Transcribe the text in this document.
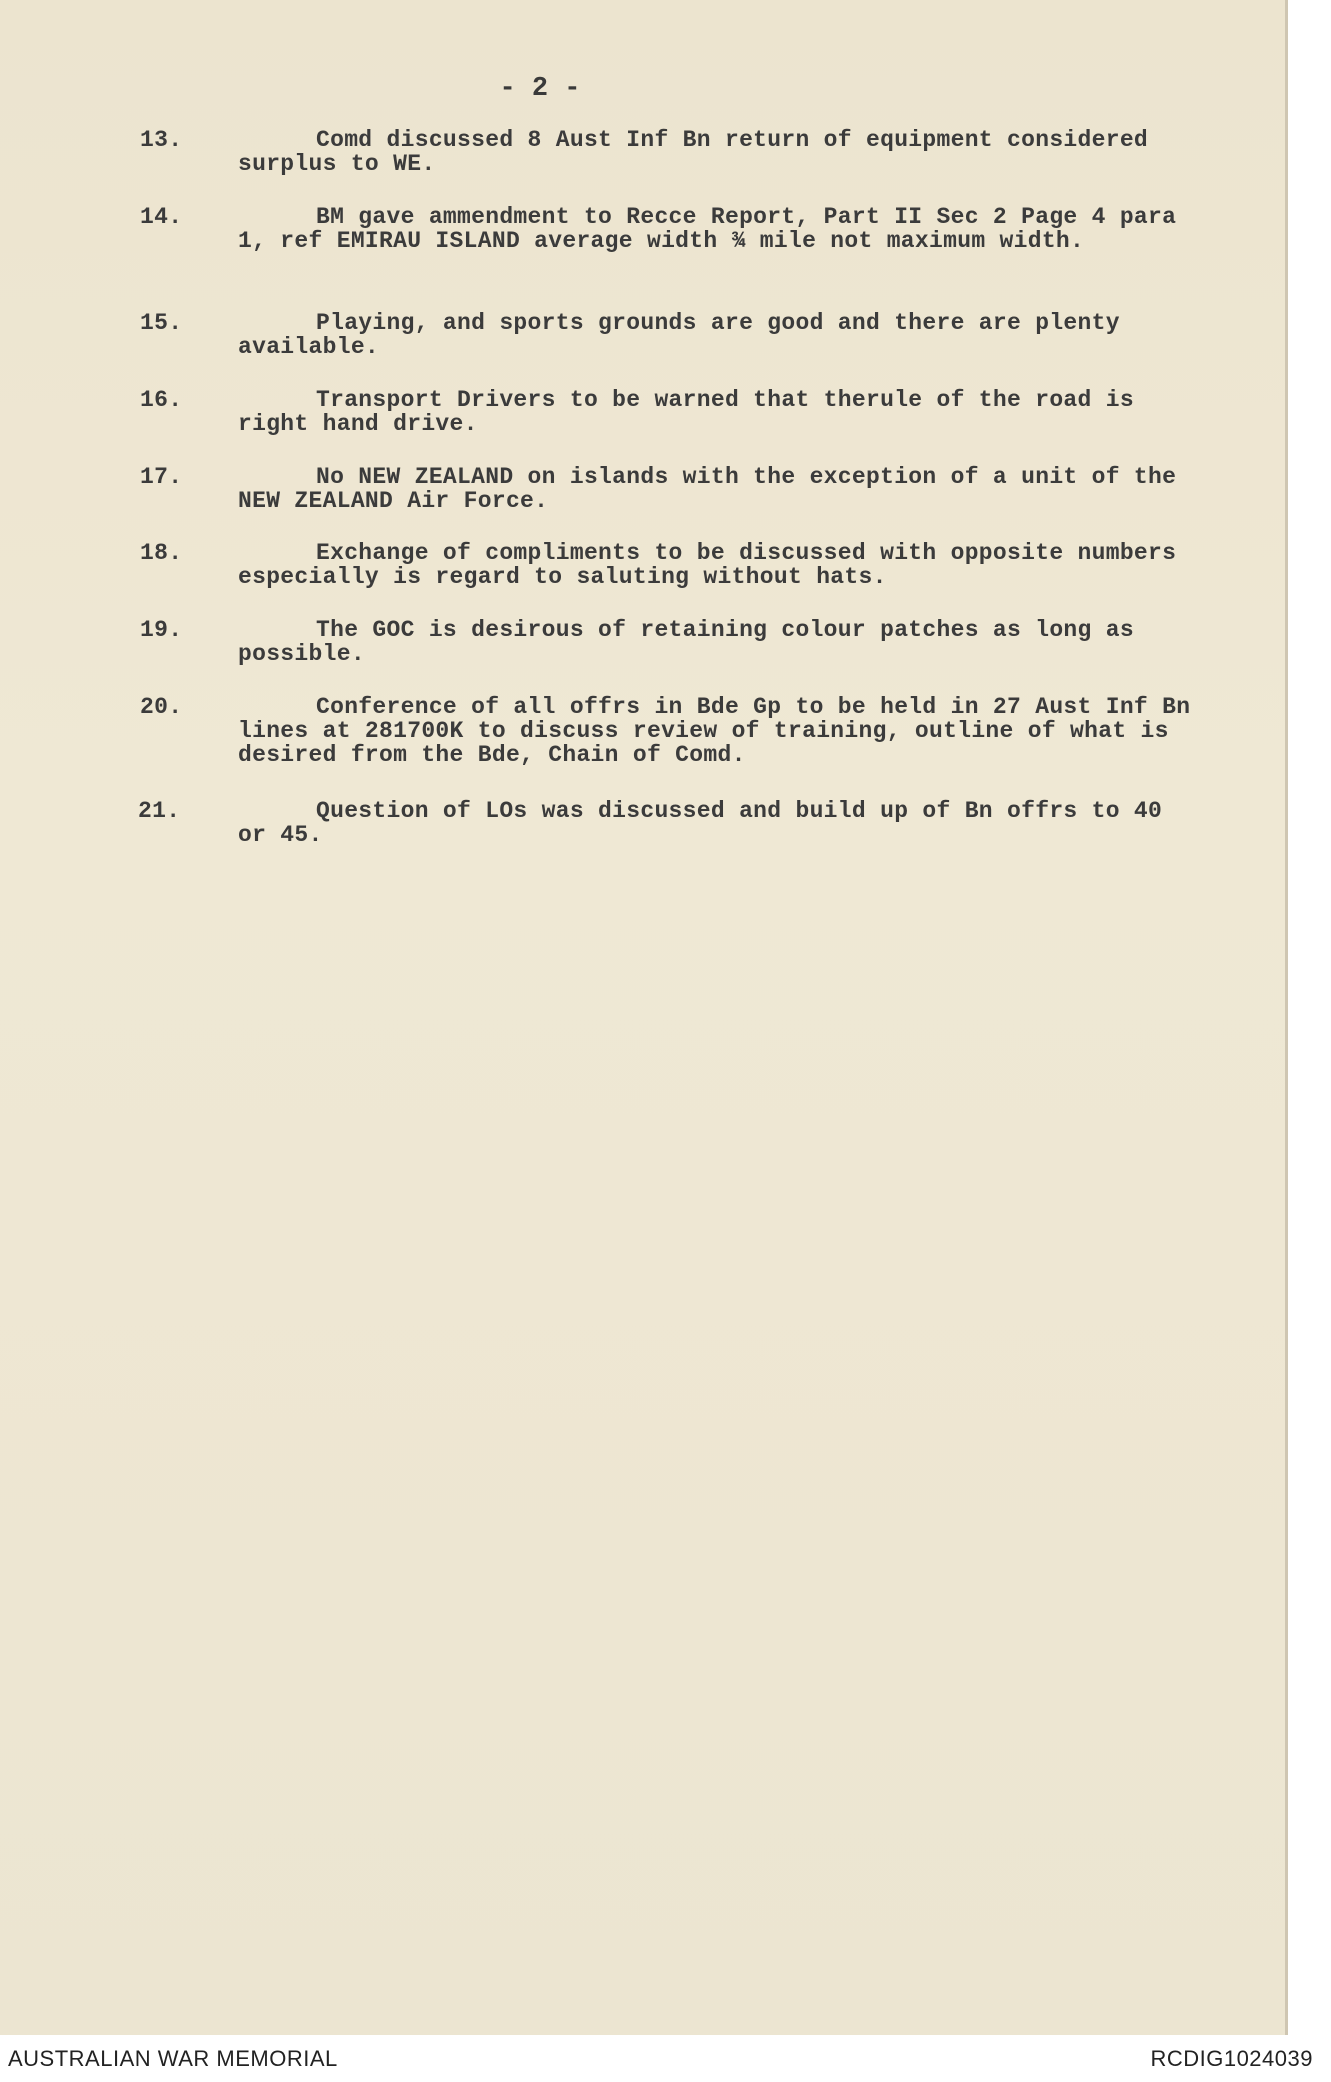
- 2 -
13.	Comd discussed 8 Aust Inf Bn return of equipment considered surplus to WE.
14.	BM gave ammendment to Recce Report, Part II Sec 2 Page 4 para 1, ref EMIRAU ISLAND average width ¾ mile not maximum width.
15.	Playing, and sports grounds are good and there are plenty available.
16.	Transport Drivers to be warned that therule of the road is right hand drive.
17.	No NEW ZEALAND on islands with the exception of a unit of the NEW ZEALAND Air Force.
18.	Exchange of compliments to be discussed with opposite numbers especially is regard to saluting without hats.
19.	The GOC is desirous of retaining colour patches as long as possible.
20.	Conference of all offrs in Bde Gp to be held in 27 Aust Inf Bn lines at 281700K to discuss review of training, outline of what is desired from the Bde, Chain of Comd.
21.	Question of LOs was discussed and build up of Bn offrs to 40 or 45.
AUSTRALIAN WAR MEMORIAL	RCDIG1024039
